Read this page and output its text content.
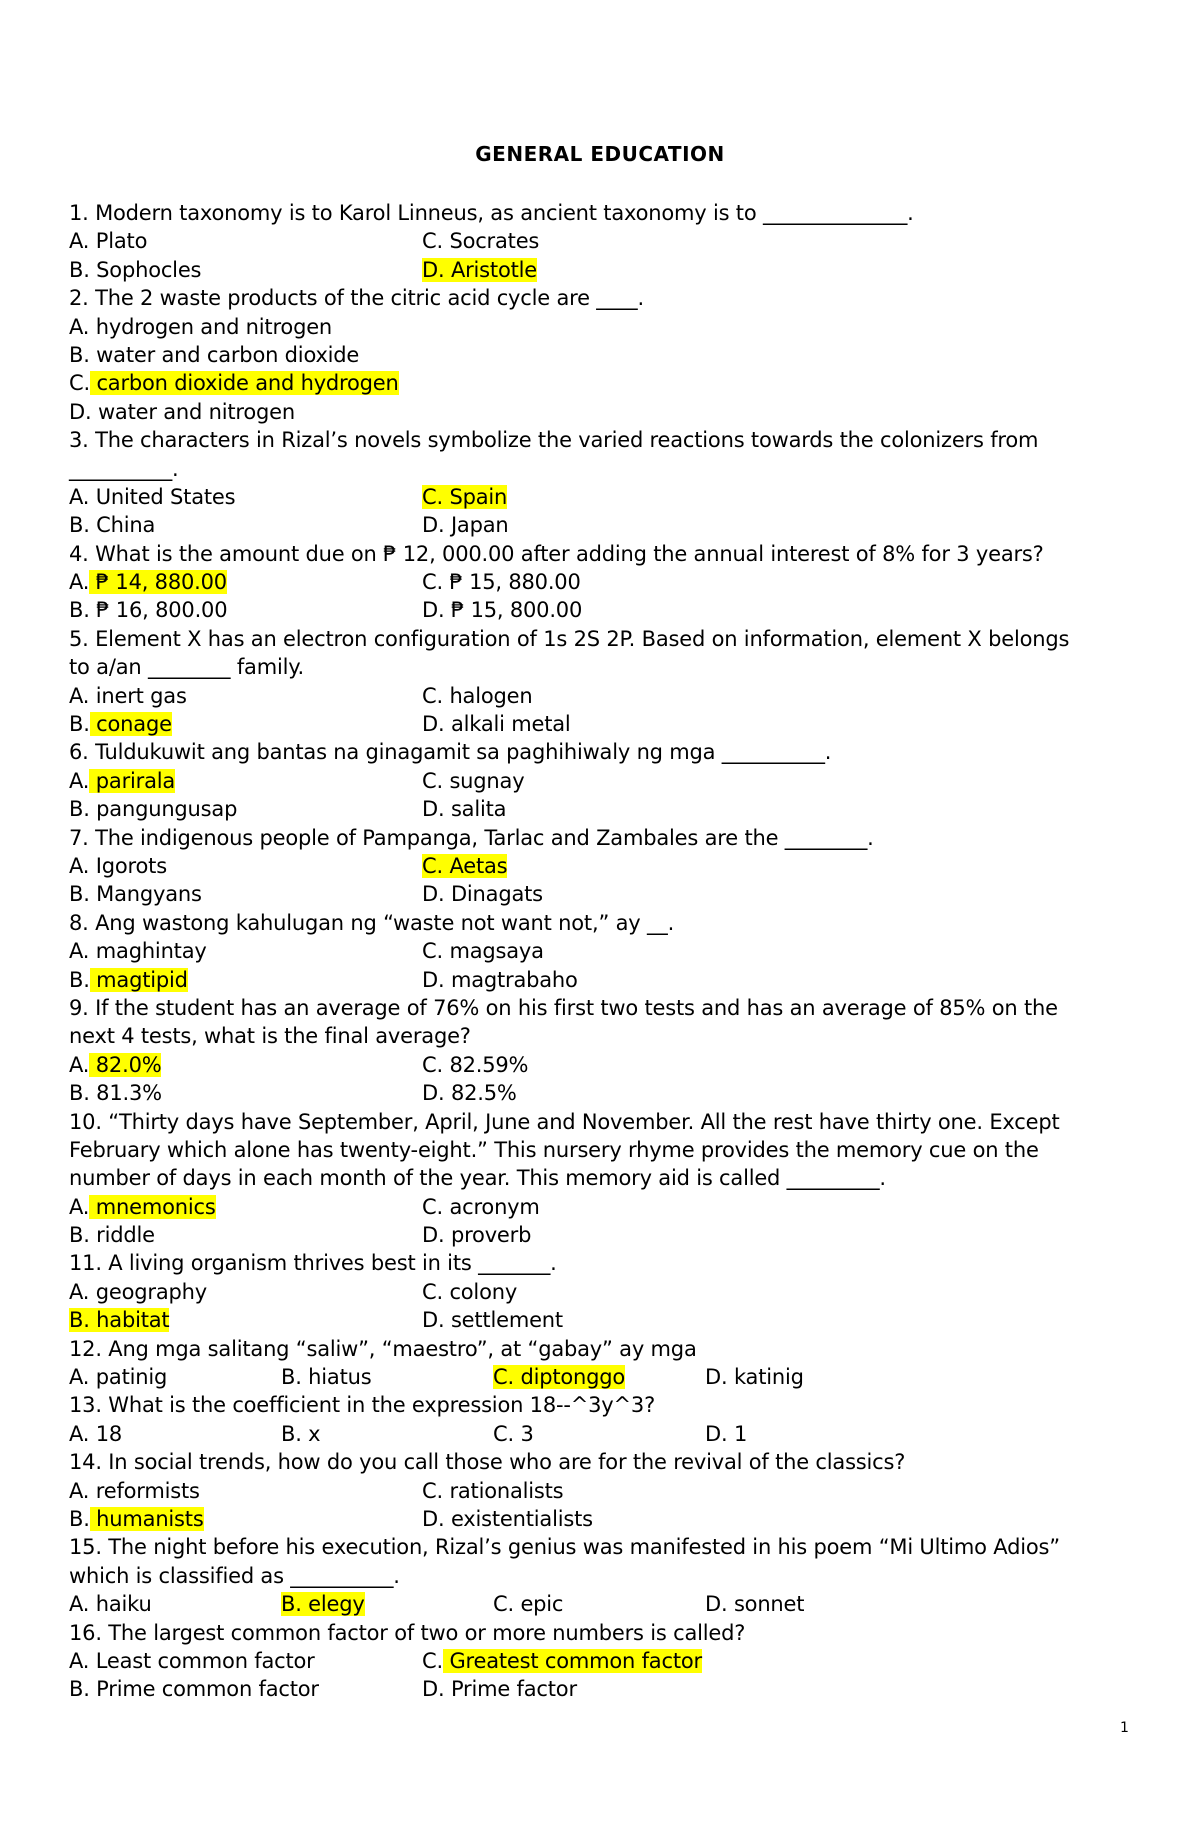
GENERAL EDUCATION
1. Modern taxonomy is to Karol Linneus, as ancient taxonomy is to ______________.
A. Plato	C. Socrates
B. Sophocles	D. Aristotle
2. The 2 waste products of the citric acid cycle are ____.
A. hydrogen and nitrogen
B. water and carbon dioxide
C. carbon dioxide and hydrogen
D. water and nitrogen
3. The characters in Rizal’s novels symbolize the varied reactions towards the colonizers from
__________.
A. United States	C. Spain
B. China	D. Japan
4. What is the amount due on ₱ 12, 000.00 after adding the annual interest of 8% for 3 years?
A. ₱ 14, 880.00	C. ₱ 15, 880.00
B. ₱ 16, 800.00	D. ₱ 15, 800.00
5. Element X has an electron configuration of 1s 2S 2P. Based on information, element X belongs
to a/an ________ family.
A. inert gas	C. halogen
B. conage	D. alkali metal
6. Tuldukuwit ang bantas na ginagamit sa paghihiwaly ng mga __________.
A. parirala	C. sugnay
B. pangungusap	D. salita
7. The indigenous people of Pampanga, Tarlac and Zambales are the ________.
A. Igorots	C. Aetas
B. Mangyans	D. Dinagats
8. Ang wastong kahulugan ng “waste not want not,” ay __.
A. maghintay	C. magsaya
B. magtipid	D. magtrabaho
9. If the student has an average of 76% on his first two tests and has an average of 85% on the
next 4 tests, what is the final average?
A. 82.0%	C. 82.59%
B. 81.3%	D. 82.5%
10. “Thirty days have September, April, June and November. All the rest have thirty one. Except
February which alone has twenty-eight.” This nursery rhyme provides the memory cue on the
number of days in each month of the year. This memory aid is called _________.
A. mnemonics	C. acronym
B. riddle	D. proverb
11. A living organism thrives best in its _______.
A. geography	C. colony
B. habitat	D. settlement
12. Ang mga salitang “saliw”, “maestro”, at “gabay” ay mga
A. patinig	B. hiatus	C. diptonggo	D. katinig
13. What is the coefficient in the expression 18--^3y^3?
A. 18	B. x	C. 3	D. 1
14. In social trends, how do you call those who are for the revival of the classics?
A. reformists	C. rationalists
B. humanists	D. existentialists
15. The night before his execution, Rizal’s genius was manifested in his poem “Mi Ultimo Adios”
which is classified as __________.
A. haiku	B. elegy	C. epic	D. sonnet
16. The largest common factor of two or more numbers is called?
A. Least common factor	C. Greatest common factor
B. Prime common factor	D. Prime factor
1
